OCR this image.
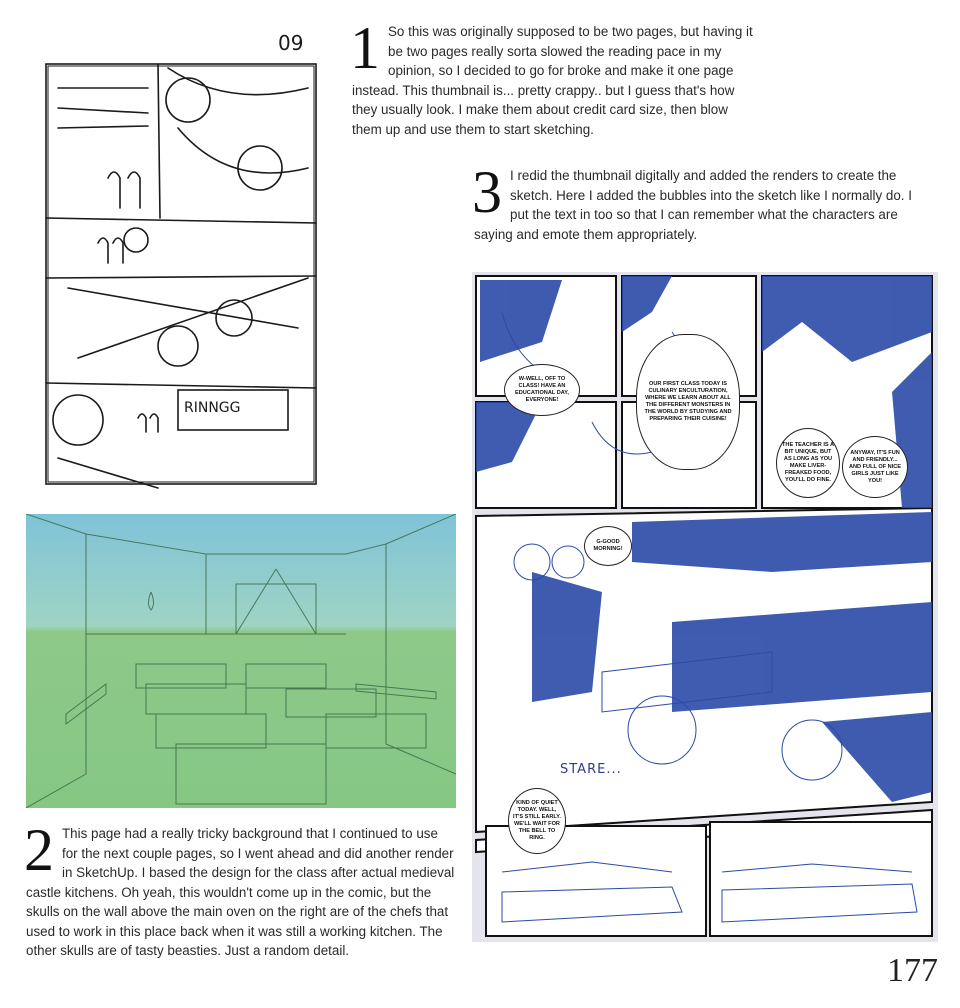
1 So this was originally supposed to be two pages, but having it be two pages really sorta slowed the reading pace in my opinion, so I decided to go for broke and make it one page instead. This thumbnail is... pretty crappy.. but I guess that's how they usually look. I make them about credit card size, then blow them up and use them to start sketching.
3 I redid the thumbnail digitally and added the renders to create the sketch. Here I added the bubbles into the sketch like I normally do. I put the text in too so that I can remember what the characters are saying and emote them appropriately.
2 This page had a really tricky background that I continued to use for the next couple pages, so I went ahead and did another render in SketchUp. I based the design for the class after actual medieval castle kitchens. Oh yeah, this wouldn't come up in the comic, but the skulls on the wall above the main oven on the right are of the chefs that used to work in this place back when it was still a working kitchen. The other skulls are of tasty beasties. Just a random detail.
09
RINNGG
W-WELL, OFF TO CLASS! HAVE AN EDUCATIONAL DAY, EVERYONE!
OUR FIRST CLASS TODAY IS CULINARY ENCULTURATION, WHERE WE LEARN ABOUT ALL THE DIFFERENT MONSTERS IN THE WORLD BY STUDYING AND PREPARING THEIR CUISINE!
THE TEACHER IS A BIT UNIQUE, BUT AS LONG AS YOU MAKE LIVER-FREAKED FOOD, YOU'LL DO FINE.
ANYWAY, IT'S FUN AND FRIENDLY... AND FULL OF NICE GIRLS JUST LIKE YOU!
G-GOOD MORNING!
KIND OF QUIET TODAY. WELL, IT'S STILL EARLY. WE'LL WAIT FOR THE BELL TO RING.
STARE...
177
